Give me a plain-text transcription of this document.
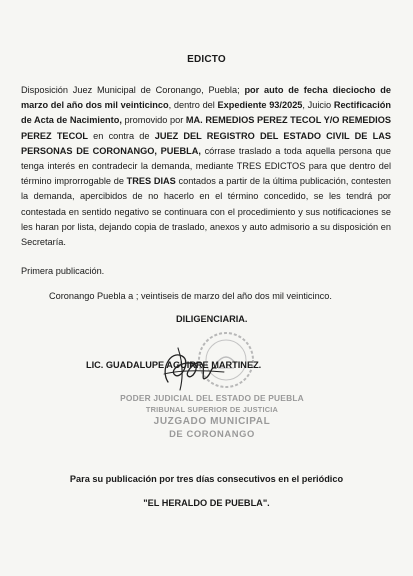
EDICTO
Disposición Juez Municipal de Coronango, Puebla; por auto de fecha dieciocho de marzo del año dos mil veinticinco, dentro del Expediente 93/2025, Juicio Rectificación de Acta de Nacimiento, promovido por MA. REMEDIOS PEREZ TECOL Y/O REMEDIOS PEREZ TECOL en contra de JUEZ DEL REGISTRO DEL ESTADO CIVIL DE LAS PERSONAS DE CORONANGO, PUEBLA, córrase traslado a toda aquella persona que tenga interés en contradecir la demanda, mediante TRES EDICTOS para que dentro del término improrrogable de TRES DIAS contados a partir de la última publicación, contesten la demanda, apercibidos de no hacerlo en el término concedido, se les tendrá por contestada en sentido negativo se continuara con el procedimiento y sus notificaciones se les haran por lista, dejando copia de traslado, anexos y auto admisorio a su disposición en Secretaría.
Primera publicación.
Coronango Puebla a ; veintiseis de marzo del año dos mil veinticinco.
DILIGENCIARIA.
LIC. GUADALUPE AGUIRRE MARTINEZ.
PODER JUDICIAL DEL ESTADO DE PUEBLA
TRIBUNAL SUPERIOR DE JUSTICIA
JUZGADO MUNICIPAL
DE CORONANGO
Para su publicación por tres días consecutivos en el periódico
"EL HERALDO DE PUEBLA".
